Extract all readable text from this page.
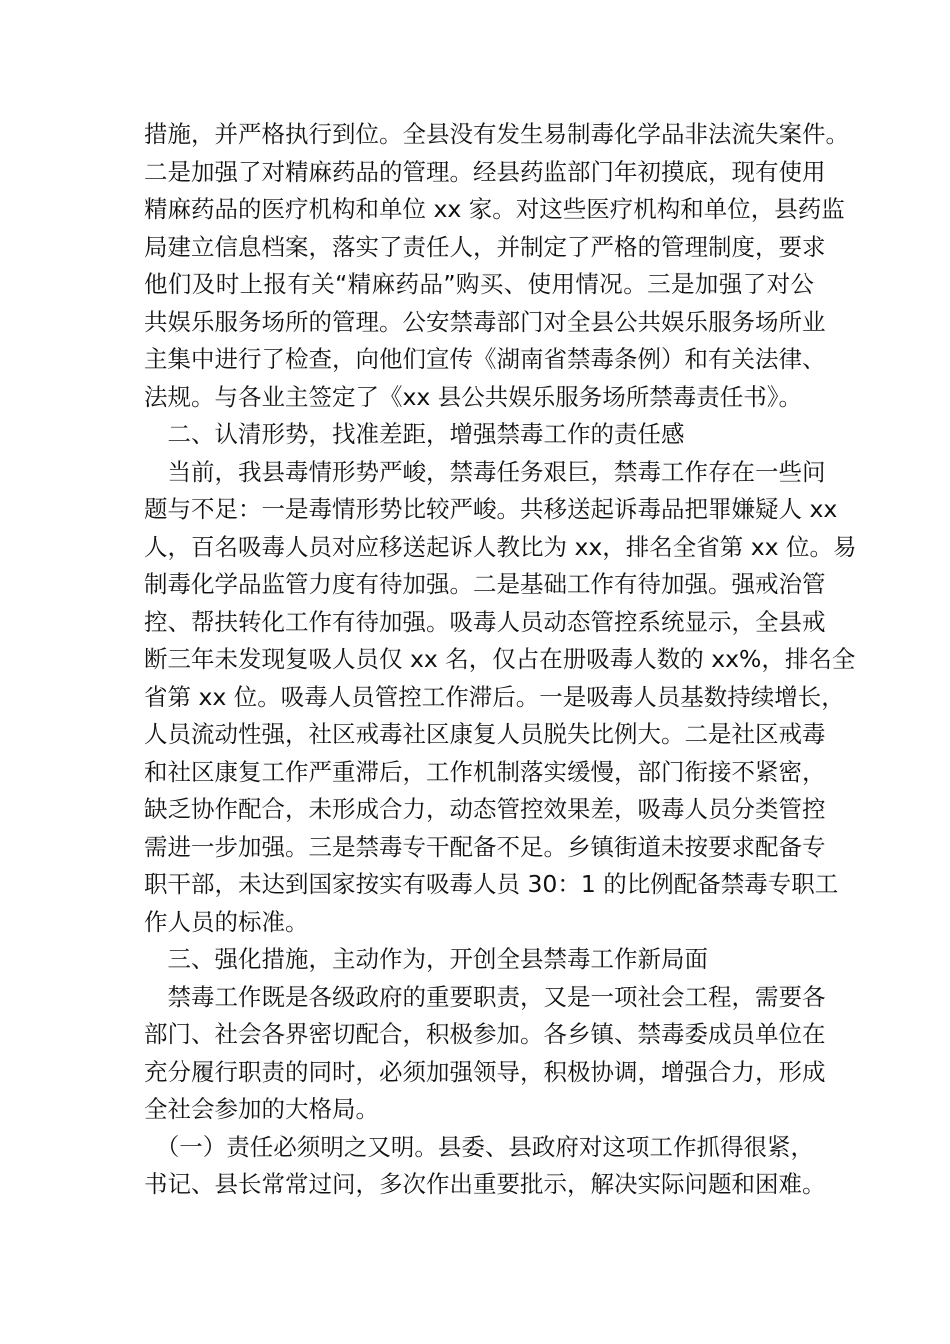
措施，并严格执行到位。全县没有发生易制毒化学品非法流失案件。
二是加强了对精麻药品的管理。经县药监部门年初摸底，现有使用
精麻药品的医疗机构和单位 xx 家。对这些医疗机构和单位，县药监
局建立信息档案，落实了责任人，并制定了严格的管理制度，要求
他们及时上报有关“精麻药品”购买、使用情况。三是加强了对公
共娱乐服务场所的管理。公安禁毒部门对全县公共娱乐服务场所业
主集中进行了检查，向他们宣传《湖南省禁毒条例）和有关法律、
法规。与各业主签定了《xx 县公共娱乐服务场所禁毒责任书》。
　二、认清形势，找准差距，增强禁毒工作的责任感
　当前，我县毒情形势严峻，禁毒任务艰巨，禁毒工作存在一些问
题与不足：一是毒情形势比较严峻。共移送起诉毒品把罪嫌疑人 xx
人，百名吸毒人员对应移送起诉人教比为 xx，排名全省第 xx 位。易
制毒化学品监管力度有待加强。二是基础工作有待加强。强戒治管
控、帮扶转化工作有待加强。吸毒人员动态管控系统显示，全县戒
断三年未发现复吸人员仅 xx 名，仅占在册吸毒人数的 xx%，排名全
省第 xx 位。吸毒人员管控工作滞后。一是吸毒人员基数持续增长，
人员流动性强，社区戒毒社区康复人员脱失比例大。二是社区戒毒
和社区康复工作严重滞后，工作机制落实缓慢，部门衔接不紧密，
缺乏协作配合，未形成合力，动态管控效果差，吸毒人员分类管控
需进一步加强。三是禁毒专干配备不足。乡镇街道未按要求配备专
职干部，未达到国家按实有吸毒人员 30：1 的比例配备禁毒专职工
作人员的标准。
　三、强化措施，主动作为，开创全县禁毒工作新局面
　禁毒工作既是各级政府的重要职责，又是一项社会工程，需要各
部门、社会各界密切配合，积极参加。各乡镇、禁毒委成员单位在
充分履行职责的同时，必须加强领导，积极协调，增强合力，形成
全社会参加的大格局。
　（一）责任必须明之又明。县委、县政府对这项工作抓得很紧，
书记、县长常常过问，多次作出重要批示，解决实际问题和困难。
